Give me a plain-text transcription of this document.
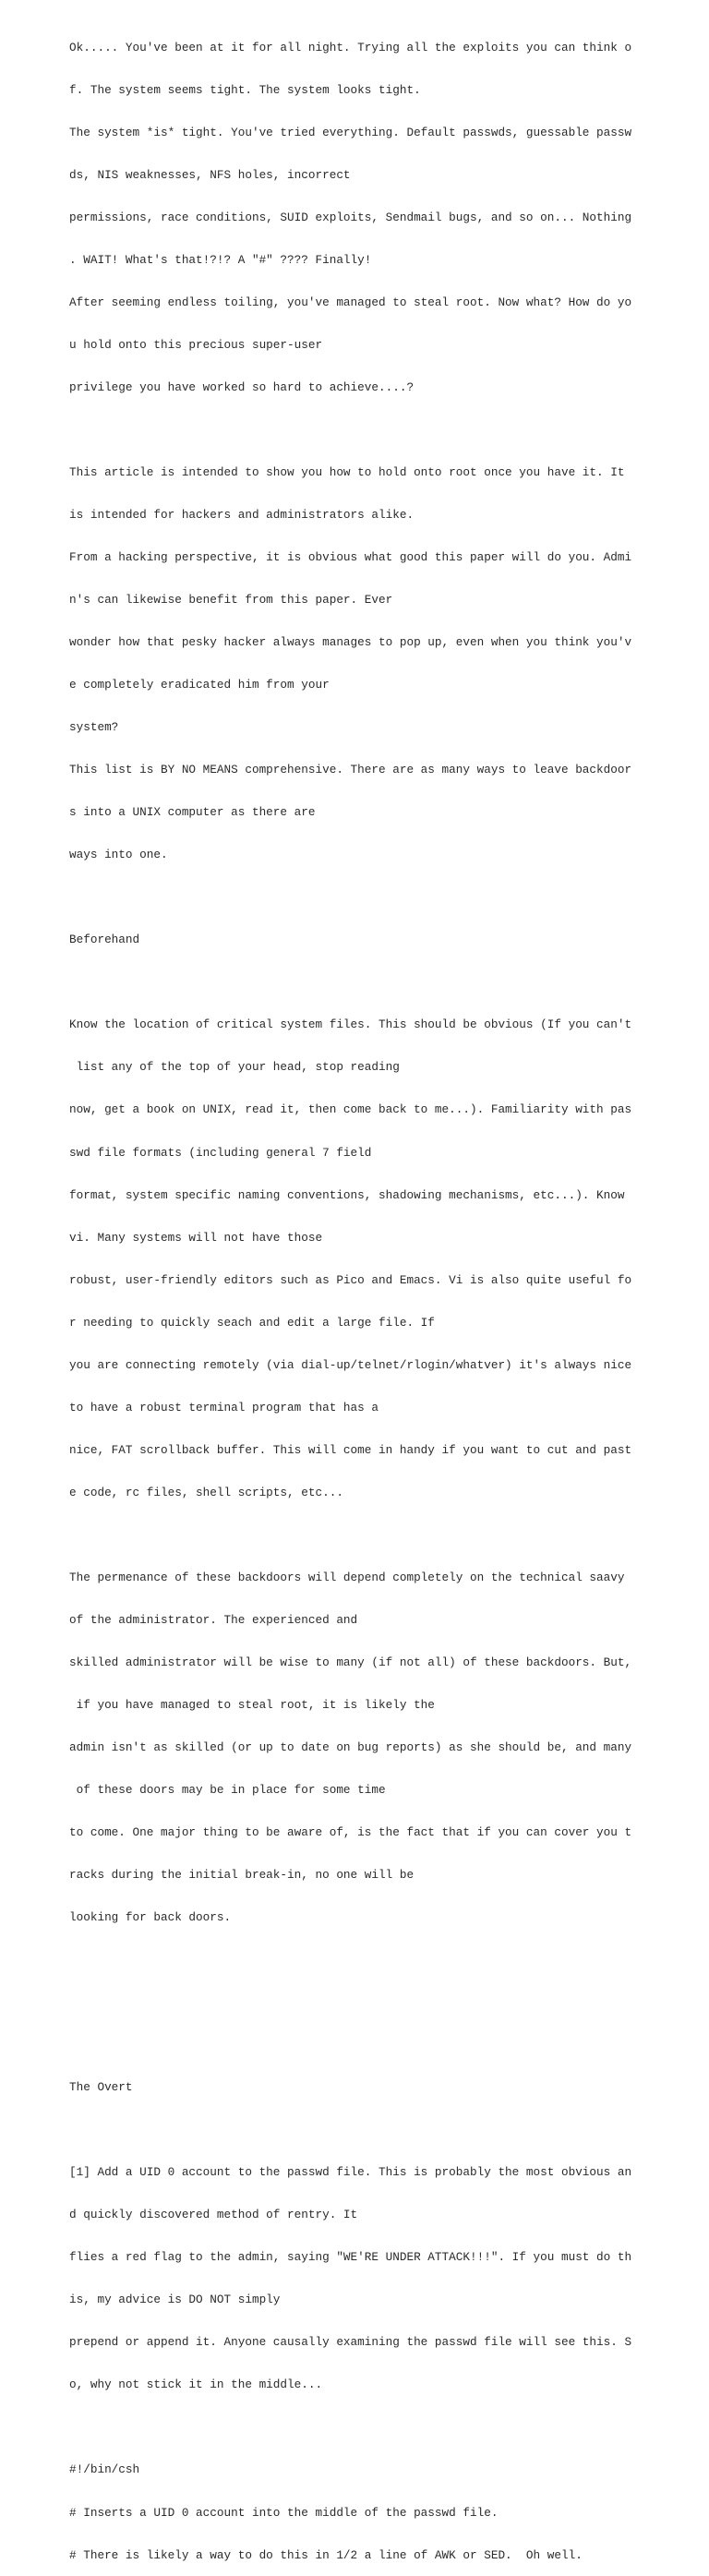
Ok..... You've been at it for all night. Trying all the exploits you can think o

f. The system seems tight. The system looks tight.

The system *is* tight. You've tried everything. Default passwds, guessable passw

ds, NIS weaknesses, NFS holes, incorrect

permissions, race conditions, SUID exploits, Sendmail bugs, and so on... Nothing

. WAIT! What's that!?!? A "#" ???? Finally!

After seeming endless toiling, you've managed to steal root. Now what? How do yo

u hold onto this precious super-user

privilege you have worked so hard to achieve....?

This article is intended to show you how to hold onto root once you have it. It

is intended for hackers and administrators alike.

From a hacking perspective, it is obvious what good this paper will do you. Admi

n's can likewise benefit from this paper. Ever

wonder how that pesky hacker always manages to pop up, even when you think you'v

e completely eradicated him from your

system?

This list is BY NO MEANS comprehensive. There are as many ways to leave backdoor

s into a UNIX computer as there are

ways into one.

Beforehand

Know the location of critical system files. This should be obvious (If you can't

list any of the top of your head, stop reading

now, get a book on UNIX, read it, then come back to me...). Familiarity with pas

swd file formats (including general 7 field

format, system specific naming conventions, shadowing mechanisms, etc...). Know

vi. Many systems will not have those

robust, user-friendly editors such as Pico and Emacs. Vi is also quite useful fo

r needing to quickly seach and edit a large file. If

you are connecting remotely (via dial-up/telnet/rlogin/whatver) it's always nice

to have a robust terminal program that has a

nice, FAT scrollback buffer. This will come in handy if you want to cut and past

e code, rc files, shell scripts, etc...

The permenance of these backdoors will depend completely on the technical saavy

of the administrator. The experienced and

skilled administrator will be wise to many (if not all) of these backdoors. But,

if you have managed to steal root, it is likely the

admin isn't as skilled (or up to date on bug reports) as she should be, and many

of these doors may be in place for some time

to come. One major thing to be aware of, is the fact that if you can cover you t

racks during the initial break-in, no one will be

looking for back doors.

The Overt

[1] Add a UID 0 account to the passwd file. This is probably the most obvious an

d quickly discovered method of rentry. It

flies a red flag to the admin, saying "WE'RE UNDER ATTACK!!!". If you must do th

is, my advice is DO NOT simply

prepend or append it. Anyone causally examining the passwd file will see this. S

o, why not stick it in the middle...

#!/bin/csh

# Inserts a UID 0 account into the middle of the passwd file.

# There is likely a way to do this in 1/2 a line of AWK or SED.  Oh well.
